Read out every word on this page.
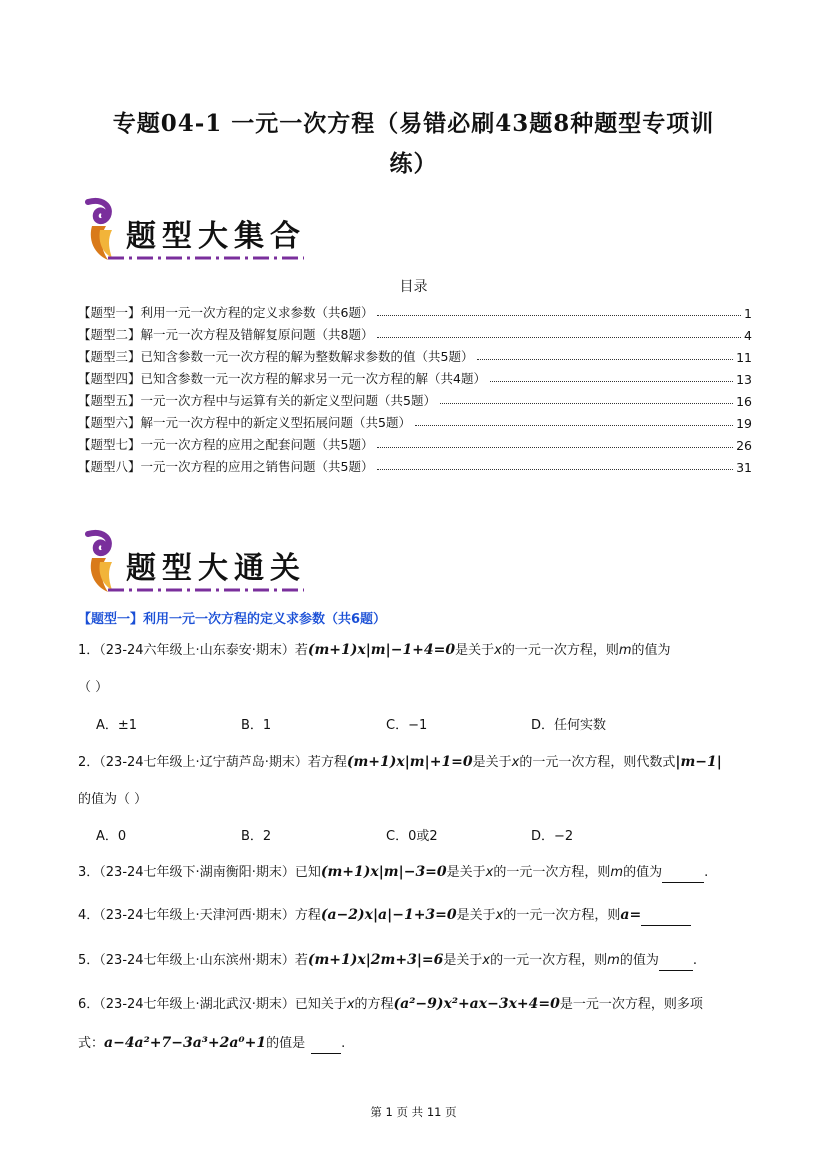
专题04-1 一元一次方程（易错必刷43题8种题型专项训
练）
题型大集合
目录
【题型一】利用一元一次方程的定义求参数（共6题）	1
【题型二】解一元一次方程及错解复原问题（共8题）	4
【题型三】已知含参数一元一次方程的解为整数解求参数的值（共5题）	11
【题型四】已知含参数一元一次方程的解求另一元一次方程的解（共4题）	13
【题型五】一元一次方程中与运算有关的新定义型问题（共5题）	16
【题型六】解一元一次方程中的新定义型拓展问题（共5题）	19
【题型七】一元一次方程的应用之配套问题（共5题）	26
【题型八】一元一次方程的应用之销售问题（共5题）	31
题型大通关
【题型一】利用一元一次方程的定义求参数（共6题）
1．（23-24六年级上·山东泰安·期末）若(m+1)x|m|−1+4=0是关于x的一元一次方程，则m的值为
（ ）
A．±1	B．1	C．−1	D．任何实数
2．（23-24七年级上·辽宁葫芦岛·期末）若方程(m+1)x|m|+1=0是关于x的一元一次方程，则代数式|m−1|
的值为（ ）
A．0	B．2	C．0或2	D．−2
3．（23-24七年级下·湖南衡阳·期末）已知(m+1)x|m|−3=0是关于x的一元一次方程，则m的值为	.
4．（23-24七年级上·天津河西·期末）方程(a−2)x|a|−1+3=0是关于x的一元一次方程，则a=
5．（23-24七年级上·山东滨州·期末）若(m+1)x|2m+3|=6是关于x的一元一次方程，则m的值为	.
6．（23-24七年级上·湖北武汉·期末）已知关于x的方程(a²−9)x²+ax−3x+4=0是一元一次方程，则多项
式：a−4a²+7−3a³+2a⁰+1的值是	.
第 1 页 共 11 页
